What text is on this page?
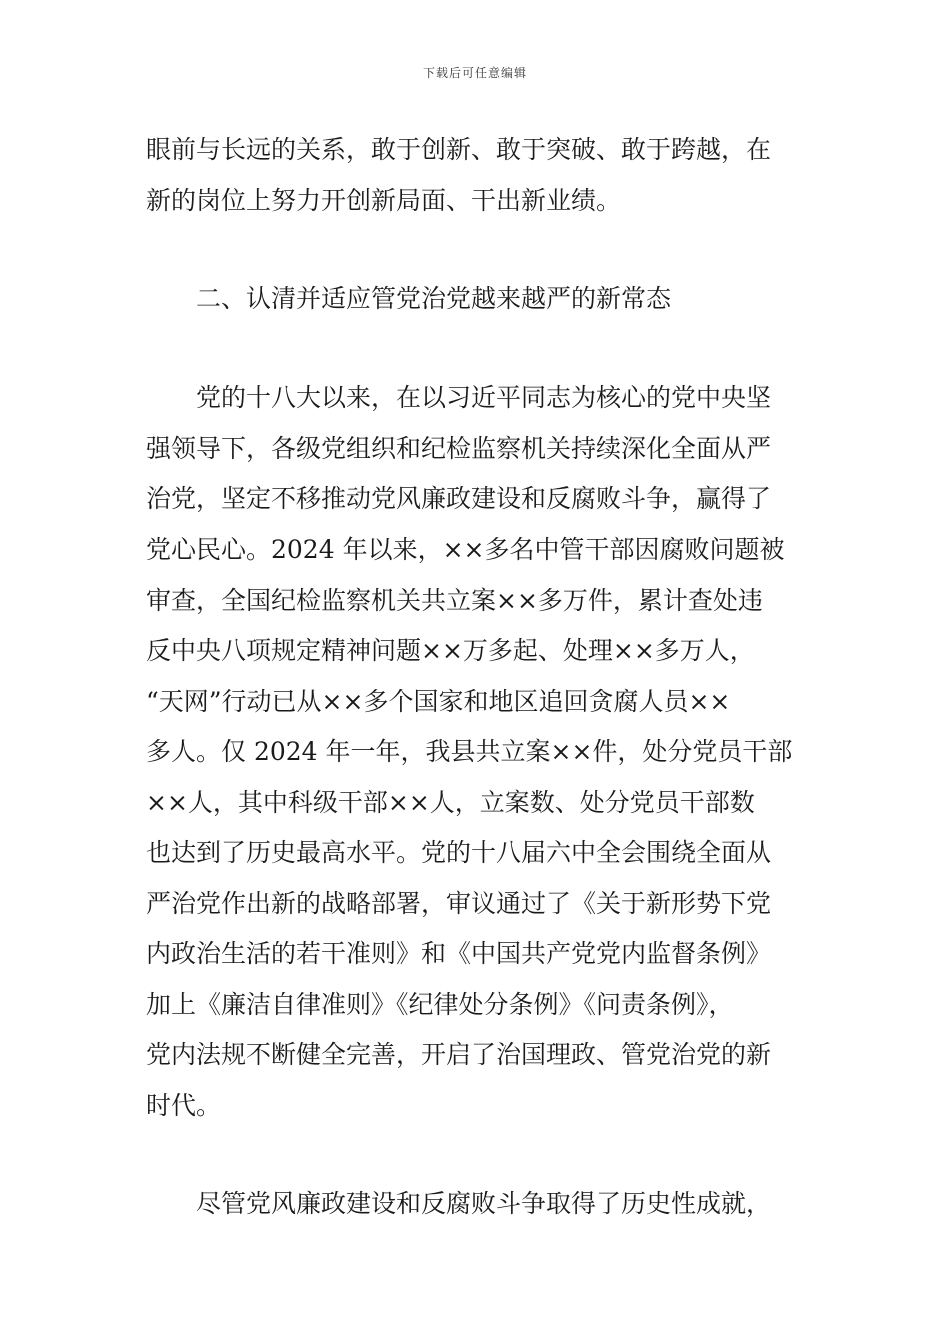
下载后可任意编辑
眼前与长远的关系，敢于创新、敢于突破、敢于跨越，在
新的岗位上努力开创新局面、干出新业绩。
二、认清并适应管党治党越来越严的新常态
党的十八大以来，在以习近平同志为核心的党中央坚
强领导下，各级党组织和纪检监察机关持续深化全面从严
治党，坚定不移推动党风廉政建设和反腐败斗争，赢得了
党心民心。2024 年以来，××多名中管干部因腐败问题被
审查，全国纪检监察机关共立案××多万件，累计查处违
反中央八项规定精神问题××万多起、处理××多万人，
“天网”行动已从××多个国家和地区追回贪腐人员××
多人。仅 2024 年一年，我县共立案××件，处分党员干部
××人，其中科级干部××人，立案数、处分党员干部数
也达到了历史最高水平。党的十八届六中全会围绕全面从
严治党作出新的战略部署，审议通过了《关于新形势下党
内政治生活的若干准则》和《中国共产党党内监督条例》
加上《廉洁自律准则》《纪律处分条例》《问责条例》，
党内法规不断健全完善，开启了治国理政、管党治党的新
时代。
尽管党风廉政建设和反腐败斗争取得了历史性成就，
